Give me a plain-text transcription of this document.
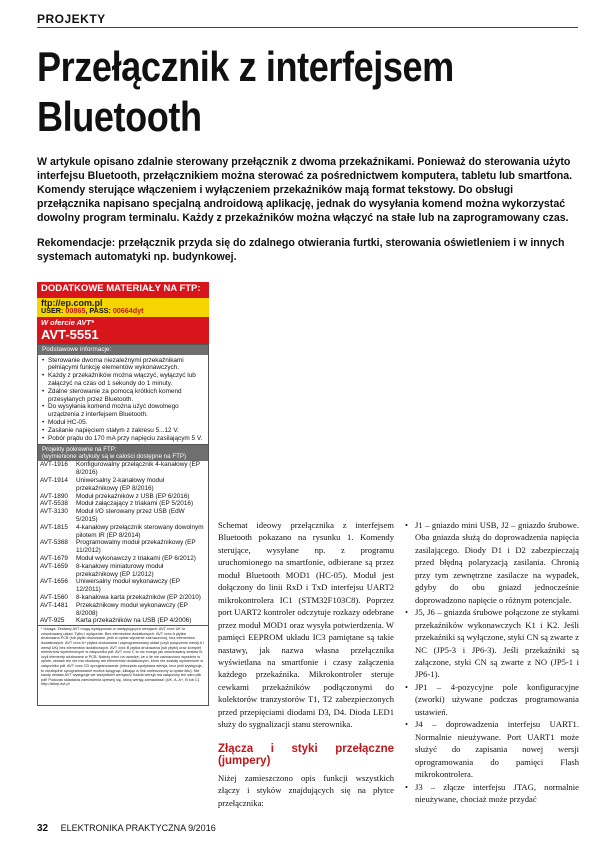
PROJEKTY
Przełącznik z interfejsem Bluetooth
W artykule opisano zdalnie sterowany przełącznik z dwoma przekaźnikami. Ponieważ do sterowania użyto interfejsu Bluetooth, przełącznikiem można sterować za pośrednictwem komputera, tabletu lub smartfona. Komendy sterujące włączeniem i wyłączeniem przekaźników mają format tekstowy. Do obsługi przełącznika napisano specjalną androidową aplikację, jednak do wysyłania komend można wykorzystać dowolny program terminalu. Każdy z przekaźników można włączyć na stałe lub na zaprogramowany czas.
Rekomendacje: przełącznik przyda się do zdalnego otwierania furtki, sterowania oświetleniem i w innych systemach automatyki np. budynkowej.
DODATKOWE MATERIAŁY NA FTP:
ftp://ep.com.pl
USER: 00865, PASS: 00664dyt
W ofercie AVT*
AVT-5551
Podstawowe informacje:
• Sterowanie dwoma niezależnymi przekaźnikami pełniącymi funkcję elementów wykonawczych.
• Każdy z przekaźników można włączyć, wyłączyć lub załączyć na czas od 1 sekundy do 1 minuty.
• Zdalne sterowanie za pomocą krótkich komend przesyłanych przez Bluetooth.
• Do wysyłania komend można użyć dowolnego urządzenia z interfejsem Bluetooth.
• Moduł HC-05.
• Zasilanie napięciem stałym z zakresu 5...12 V.
• Pobór prądu do 170 mA przy napięciu zasilającym 5 V.
Projekty pokrewne na FTP:
(wymienione artykuły są w całości dostępne na FTP)
AVT-1916	Konfigurowalny przełącznik 4-kanałowy (EP 8/2016)
AVT-1914	Uniwersalny 2-kanałowy moduł przekaźnikowy (EP 8/2016)
AVT-1890	Moduł przekaźników z USB (EP 6/2016)
AVT-5538	Moduł załączający z triakami (EP 5/2016)
AVT-3130	Moduł I/O sterowany przez USB (EdW 5/2015)
AVT-1815	4-kanałowy przełącznik sterowany dowolnym pilotem IR (EP 8/2014)
AVT-5368	Programowalny moduł przekaźnikowy (EP 11/2012)
AVT-1679	Moduł wykonawczy z triakami (EP 6/2012)
AVT-1659	8-kanałowy miniaturowy moduł przekaźnikowy (EP 1/2012)
AVT-1656	Uniwersalny moduł wykonawczy (EP 12/2011)
AVT-1560	8-kanałowa karta przekaźników (EP 2/2010)
AVT-1481	Przekaźnikowy moduł wykonawczy (EP 8/2008)
AVT-925	Karta przekaźników na USB (EP 4/2006)
* Uwaga: Zestawy AVT mogą występować w następujących wersjach: AVT xxxx UK to zmontowany układ. Tylko i wyłącznie. Bez elementów dodatkowych. AVT xxxx A płytka drukowana PCB (lub płytki drukowane, jeśli w opisie wyraźnie zaznaczono), bez elementów dodatkowych. AVT xxxx A+ płytka drukowana i zaprogramowany układ (czyli połączenie wersji A i wersji UK) bez elementów dodatkowych. AVT xxxx B płytka drukowana (lub płytki) oraz komplet elementów wymienionych w załączniku pdf. AVT xxxx C to nic innego jak zmontowany zestaw B, czyli elementy wlutowane w PCB. Należy mieć na uwadze, że o ile nie zaznaczono wyraźnie w opisie, zestaw ten nie ma obudowy ani elementów dodatkowych, które nie zostały wymienione w załączniku pdf. AVT xxxx CD oprogramowanie (nieczęsto spotykana wersja, lecz jeśli występuje, to niezbędne oprogramowanie można ściągnąć, klikając w link umieszczony w opisie kitu). Nie każdy zestaw AVT występuje we wszystkich wersjach! Każda wersja ma załączony ten sam plik pdf! Podczas składania zamówienia upewnij się, którą wersję zamawiasz! (UK, A, A+, B lub C). http://sklep.avt.pl

Schemat ideowy przełącznika z interfejsem Bluetooth pokazano na rysunku 1. Komendy sterujące, wysyłane np. z programu uruchomionego na smartfonie, odbierane są przez moduł Bluetooth MOD1 (HC-05). Moduł jest dołączony do linii RxD i TxD interfejsu UART2 mikrokontrolera IC1 (STM32F103C8). Poprzez port UART2 kontroler odczytuje rozkazy odebrane przez moduł MOD1 oraz wysyła potwierdzenia. W pamięci EEPROM układu IC3 pamiętane są takie nastawy, jak nazwa własna przełącznika wyświetlana na smartfonie i czasy załączenia każdego przekaźnika. Mikrokontroler steruje cewkami przekaźników podłączonymi do kolektorów tranzystorów T1, T2 zabezpieczonych przed przepięciami diodami D3, D4. Dioda LED1 służy do sygnalizacji stanu sterownika.

Złącza i styki przełączne (jumpery)

Niżej zamieszczono opis funkcji wszystkich złączy i styków znajdujących się na płytce przełącznika:

• J1 – gniazdo mini USB, J2 – gniazdo śrubowe. Oba gniazda służą do doprowadzenia napięcia zasilającego. Diody D1 i D2 zabezpieczają przed błędną polaryzacją zasilania. Chronią przy tym zewnętrzne zasilacze na wypadek, gdyby do obu gniazd jednocześnie doprowadzono napięcie o różnym potencjale.
• J5, J6 – gniazda śrubowe połączone ze stykami przekaźników wykonawczych K1 i K2. Jeśli przekaźniki są wyłączone, styki CN są zwarte z NC (JP5-3 i JP6-3). Jeśli przekaźniki są załączone, styki CN są zwarte z NO (JP5-1 i JP6-1).
• JP1 – 4-pozycyjne pole konfiguracyjne (zworki) używane podczas programowania ustawień.
• J4 – doprowadzenia interfejsu UART1. Normalnie nieużywane. Port UART1 może służyć do zapisania nowej wersji oprogramowania do pamięci Flash mikrokontrolera.
• J3 – złącze interfejsu JTAG, normalnie nieużywane, chociaż może przydać
32 ELEKTRONIKA PRAKTYCZNA 9/2016
